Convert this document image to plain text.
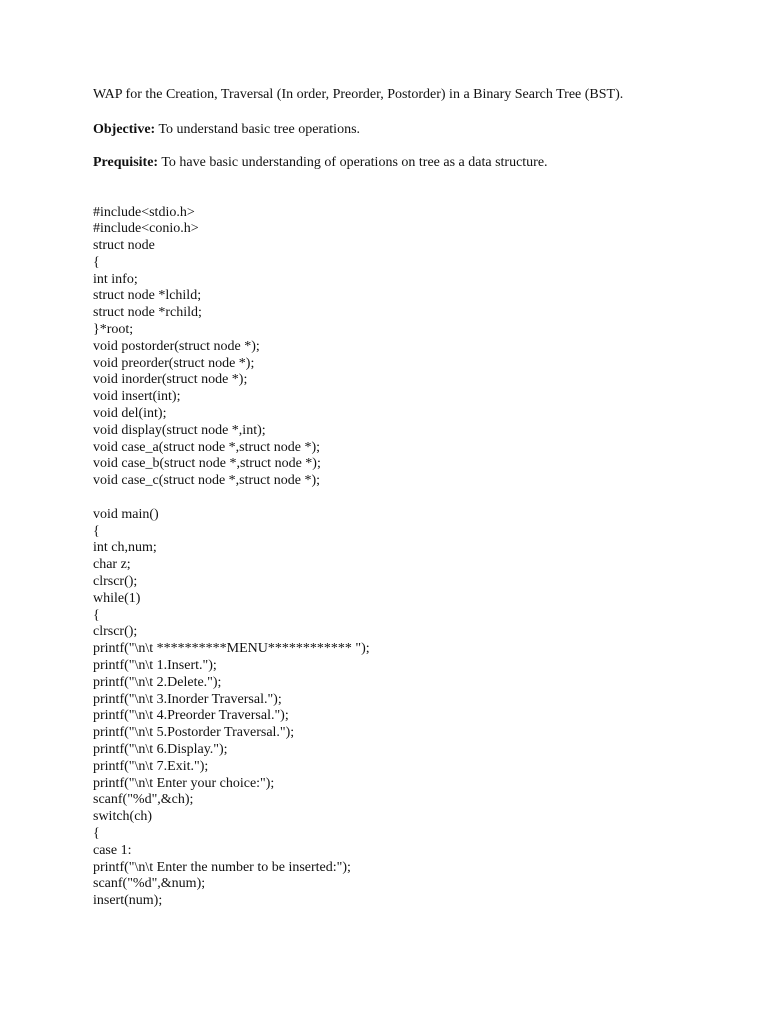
WAP for the Creation, Traversal (In order, Preorder, Postorder) in a Binary Search Tree (BST).

Objective: To understand basic tree operations.

Prequisite: To have basic understanding of operations on tree as a data structure.

#include<stdio.h>
#include<conio.h>
struct node
{
int info;
struct node *lchild;
struct node *rchild;
}*root;
void postorder(struct node *);
void preorder(struct node *);
void inorder(struct node *);
void insert(int);
void del(int);
void display(struct node *,int);
void case_a(struct node *,struct node *);
void case_b(struct node *,struct node *);
void case_c(struct node *,struct node *);
void main()
{
int ch,num;
char z;
clrscr();
while(1)
{
clrscr();
printf("\n\t **********MENU************ ");
printf("\n\t 1.Insert.");
printf("\n\t 2.Delete.");
printf("\n\t 3.Inorder Traversal.");
printf("\n\t 4.Preorder Traversal.");
printf("\n\t 5.Postorder Traversal.");
printf("\n\t 6.Display.");
printf("\n\t 7.Exit.");
printf("\n\t Enter your choice:");
scanf("%d",&ch);
switch(ch)
{
case 1:
printf("\n\t Enter the number to be inserted:");
scanf("%d",&num);
insert(num);
